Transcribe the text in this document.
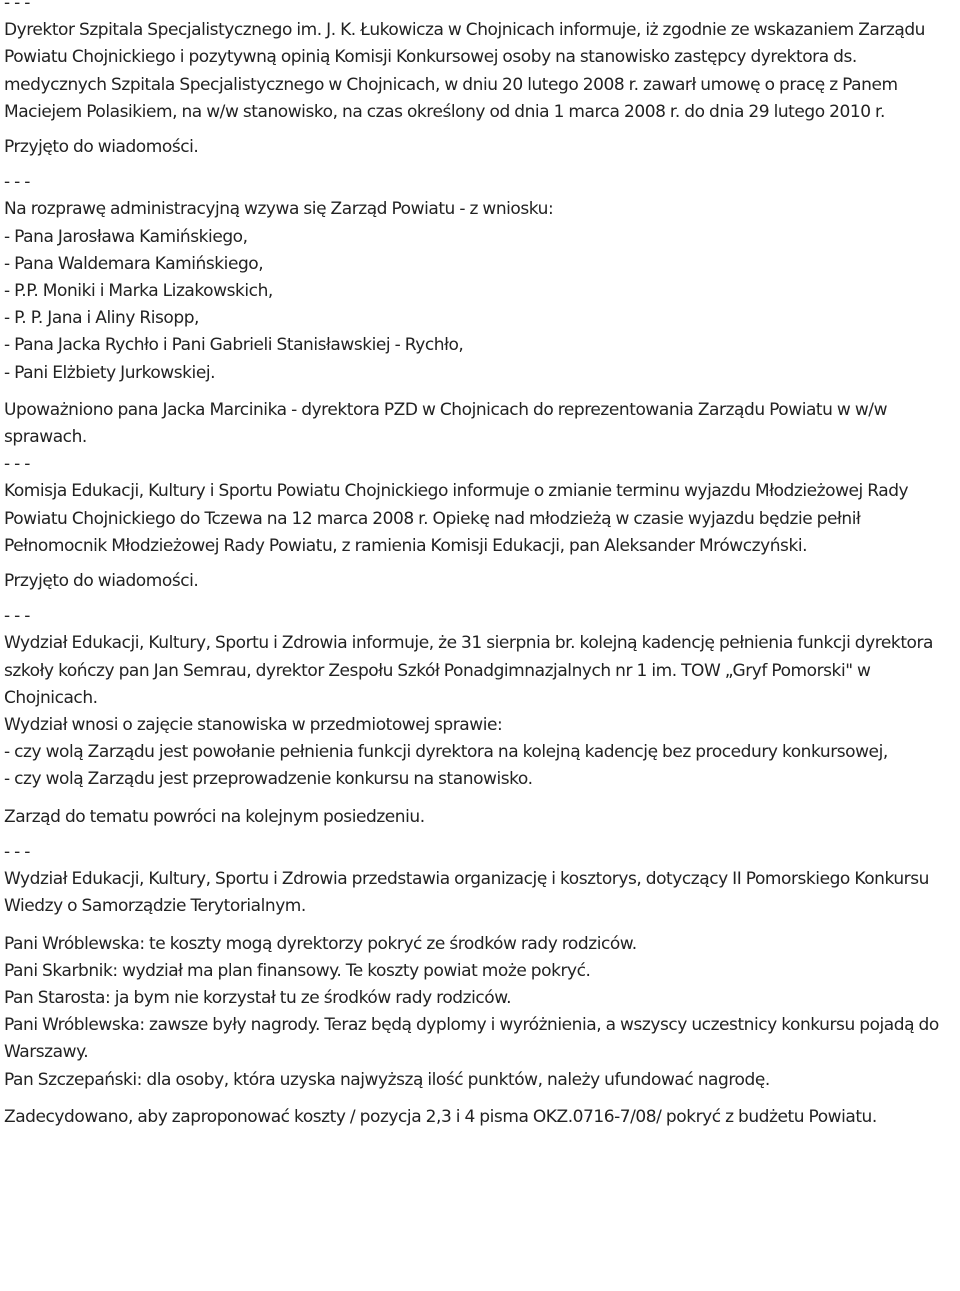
- - -

Dyrektor Szpitala Specjalistycznego im. J. K. Łukowicza w Chojnicach informuje, iż zgodnie ze wskazaniem Zarządu Powiatu Chojnickiego i pozytywną opinią Komisji Konkursowej osoby na stanowisko zastępcy dyrektora ds. medycznych Szpitala Specjalistycznego w Chojnicach, w dniu 20 lutego 2008 r. zawarł umowę o pracę z Panem Maciejem Polasikiem, na w/w stanowisko, na czas określony od dnia 1 marca 2008 r. do dnia 29 lutego 2010 r.

Przyjęto do wiadomości.

- - -

Na rozprawę administracyjną wzywa się Zarząd Powiatu - z wniosku:

- Pana Jarosława Kamińskiego,

- Pana Waldemara Kamińskiego,

- P.P. Moniki i Marka Lizakowskich,

- P. P. Jana i Aliny Risopp,

- Pana Jacka Rychło i Pani Gabrieli Stanisławskiej - Rychło,

- Pani Elżbiety Jurkowskiej.

Upoważniono pana Jacka Marcinika - dyrektora PZD w Chojnicach do reprezentowania Zarządu Powiatu w w/w sprawach.

- - -

Komisja Edukacji, Kultury i Sportu Powiatu Chojnickiego informuje o zmianie terminu wyjazdu Młodzieżowej Rady Powiatu Chojnickiego do Tczewa na 12 marca 2008 r. Opiekę nad młodzieżą w czasie wyjazdu będzie pełnił Pełnomocnik Młodzieżowej Rady Powiatu, z ramienia Komisji Edukacji, pan Aleksander Mrówczyński.

Przyjęto do wiadomości.

- - -

Wydział Edukacji, Kultury, Sportu i Zdrowia informuje, że 31 sierpnia br. kolejną kadencję pełnienia funkcji dyrektora szkoły kończy pan Jan Semrau, dyrektor Zespołu Szkół Ponadgimnazjalnych nr 1 im. TOW „Gryf Pomorski" w Chojnicach.

Wydział wnosi o zajęcie stanowiska w przedmiotowej sprawie:

- czy wolą Zarządu jest powołanie pełnienia funkcji dyrektora na kolejną kadencję bez procedury konkursowej,

- czy wolą Zarządu jest przeprowadzenie konkursu na stanowisko.

Zarząd do tematu powróci na kolejnym posiedzeniu.

- - -

Wydział Edukacji, Kultury, Sportu i Zdrowia przedstawia organizację i kosztorys, dotyczący II Pomorskiego Konkursu Wiedzy o Samorządzie Terytorialnym.

Pani Wróblewska: te koszty mogą dyrektorzy pokryć ze środków rady rodziców.

Pani Skarbnik: wydział ma plan finansowy. Te koszty powiat może pokryć.

Pan Starosta: ja bym nie korzystał tu ze środków rady rodziców.

Pani Wróblewska: zawsze były nagrody. Teraz będą dyplomy i wyróżnienia, a wszyscy uczestnicy konkursu pojadą do Warszawy.

Pan Szczepański: dla osoby, która uzyska najwyższą ilość punktów, należy ufundować nagrodę.

Zadecydowano, aby zaproponować koszty / pozycja 2,3 i 4 pisma OKZ.0716-7/08/ pokryć z budżetu Powiatu.
